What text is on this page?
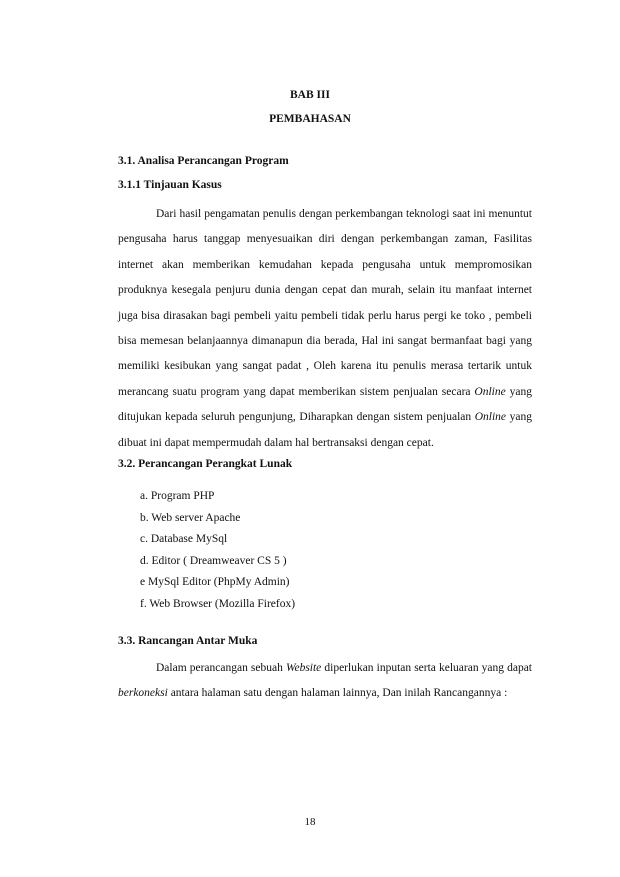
BAB III
PEMBAHASAN
3.1. Analisa Perancangan Program
3.1.1 Tinjauan Kasus

Dari hasil pengamatan penulis dengan perkembangan teknologi saat ini menuntut pengusaha harus tanggap menyesuaikan diri dengan perkembangan zaman, Fasilitas internet akan memberikan kemudahan kepada pengusaha untuk mempromosikan produknya kesegala penjuru dunia dengan cepat dan murah, selain itu manfaat internet juga bisa dirasakan bagi pembeli yaitu pembeli tidak perlu harus pergi ke toko , pembeli bisa memesan belanjaannya dimanapun dia berada, Hal ini sangat bermanfaat bagi yang memiliki kesibukan yang sangat padat , Oleh karena itu penulis merasa tertarik untuk merancang suatu program yang dapat memberikan sistem penjualan secara Online yang ditujukan kepada seluruh pengunjung, Diharapkan dengan sistem penjualan Online yang dibuat ini dapat mempermudah dalam hal bertransaksi dengan cepat.

3.2. Perancangan Perangkat Lunak
a. Program PHP
b. Web server Apache
c. Database MySql
d. Editor ( Dreamweaver CS 5 )
e MySql Editor (PhpMy Admin)
f. Web Browser (Mozilla Firefox)
3.3. Rancangan Antar Muka

Dalam perancangan sebuah Website diperlukan inputan serta keluaran yang dapat berkoneksi antara halaman satu dengan halaman lainnya, Dan inilah Rancangannya :

18
